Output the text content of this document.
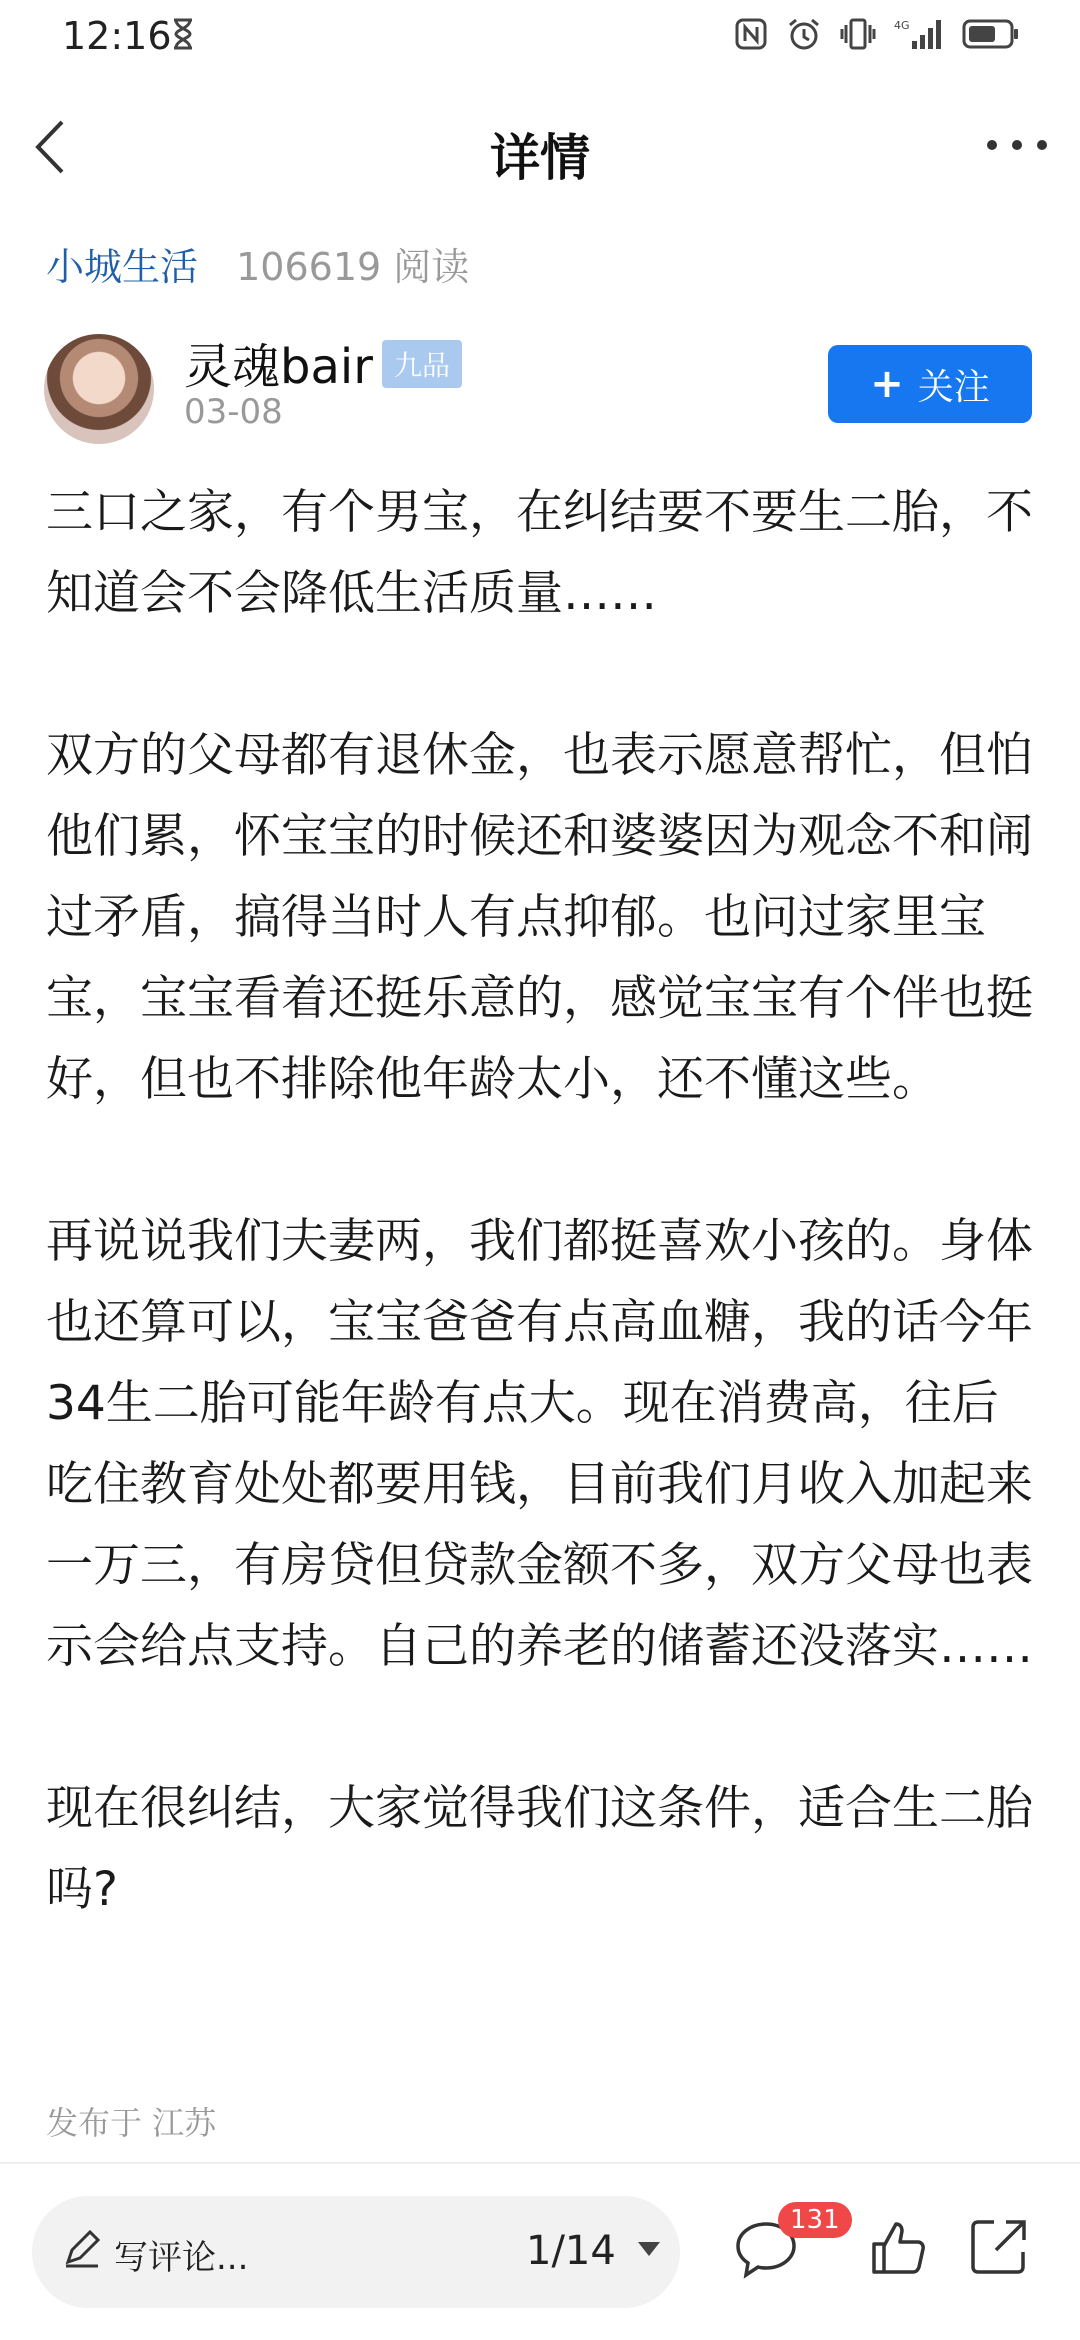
12:16	4G
详情
小城生活 106619 阅读
灵魂bair 九品
03-08
+ 关注

三口之家，有个男宝，在纠结要不要生二胎，不知道会不会降低生活质量……

双方的父母都有退休金，也表示愿意帮忙，但怕他们累，怀宝宝的时候还和婆婆因为观念不和闹过矛盾，搞得当时人有点抑郁。也问过家里宝宝，宝宝看着还挺乐意的，感觉宝宝有个伴也挺好，但也不排除他年龄太小，还不懂这些。

再说说我们夫妻两，我们都挺喜欢小孩的。身体也还算可以，宝宝爸爸有点高血糖，我的话今年34生二胎可能年龄有点大。现在消费高，往后吃住教育处处都要用钱，目前我们月收入加起来一万三，有房贷但贷款金额不多，双方父母也表示会给点支持。自己的养老的储蓄还没落实……

现在很纠结，大家觉得我们这条件，适合生二胎吗?

发布于 江苏
写评论...	1/14
131
